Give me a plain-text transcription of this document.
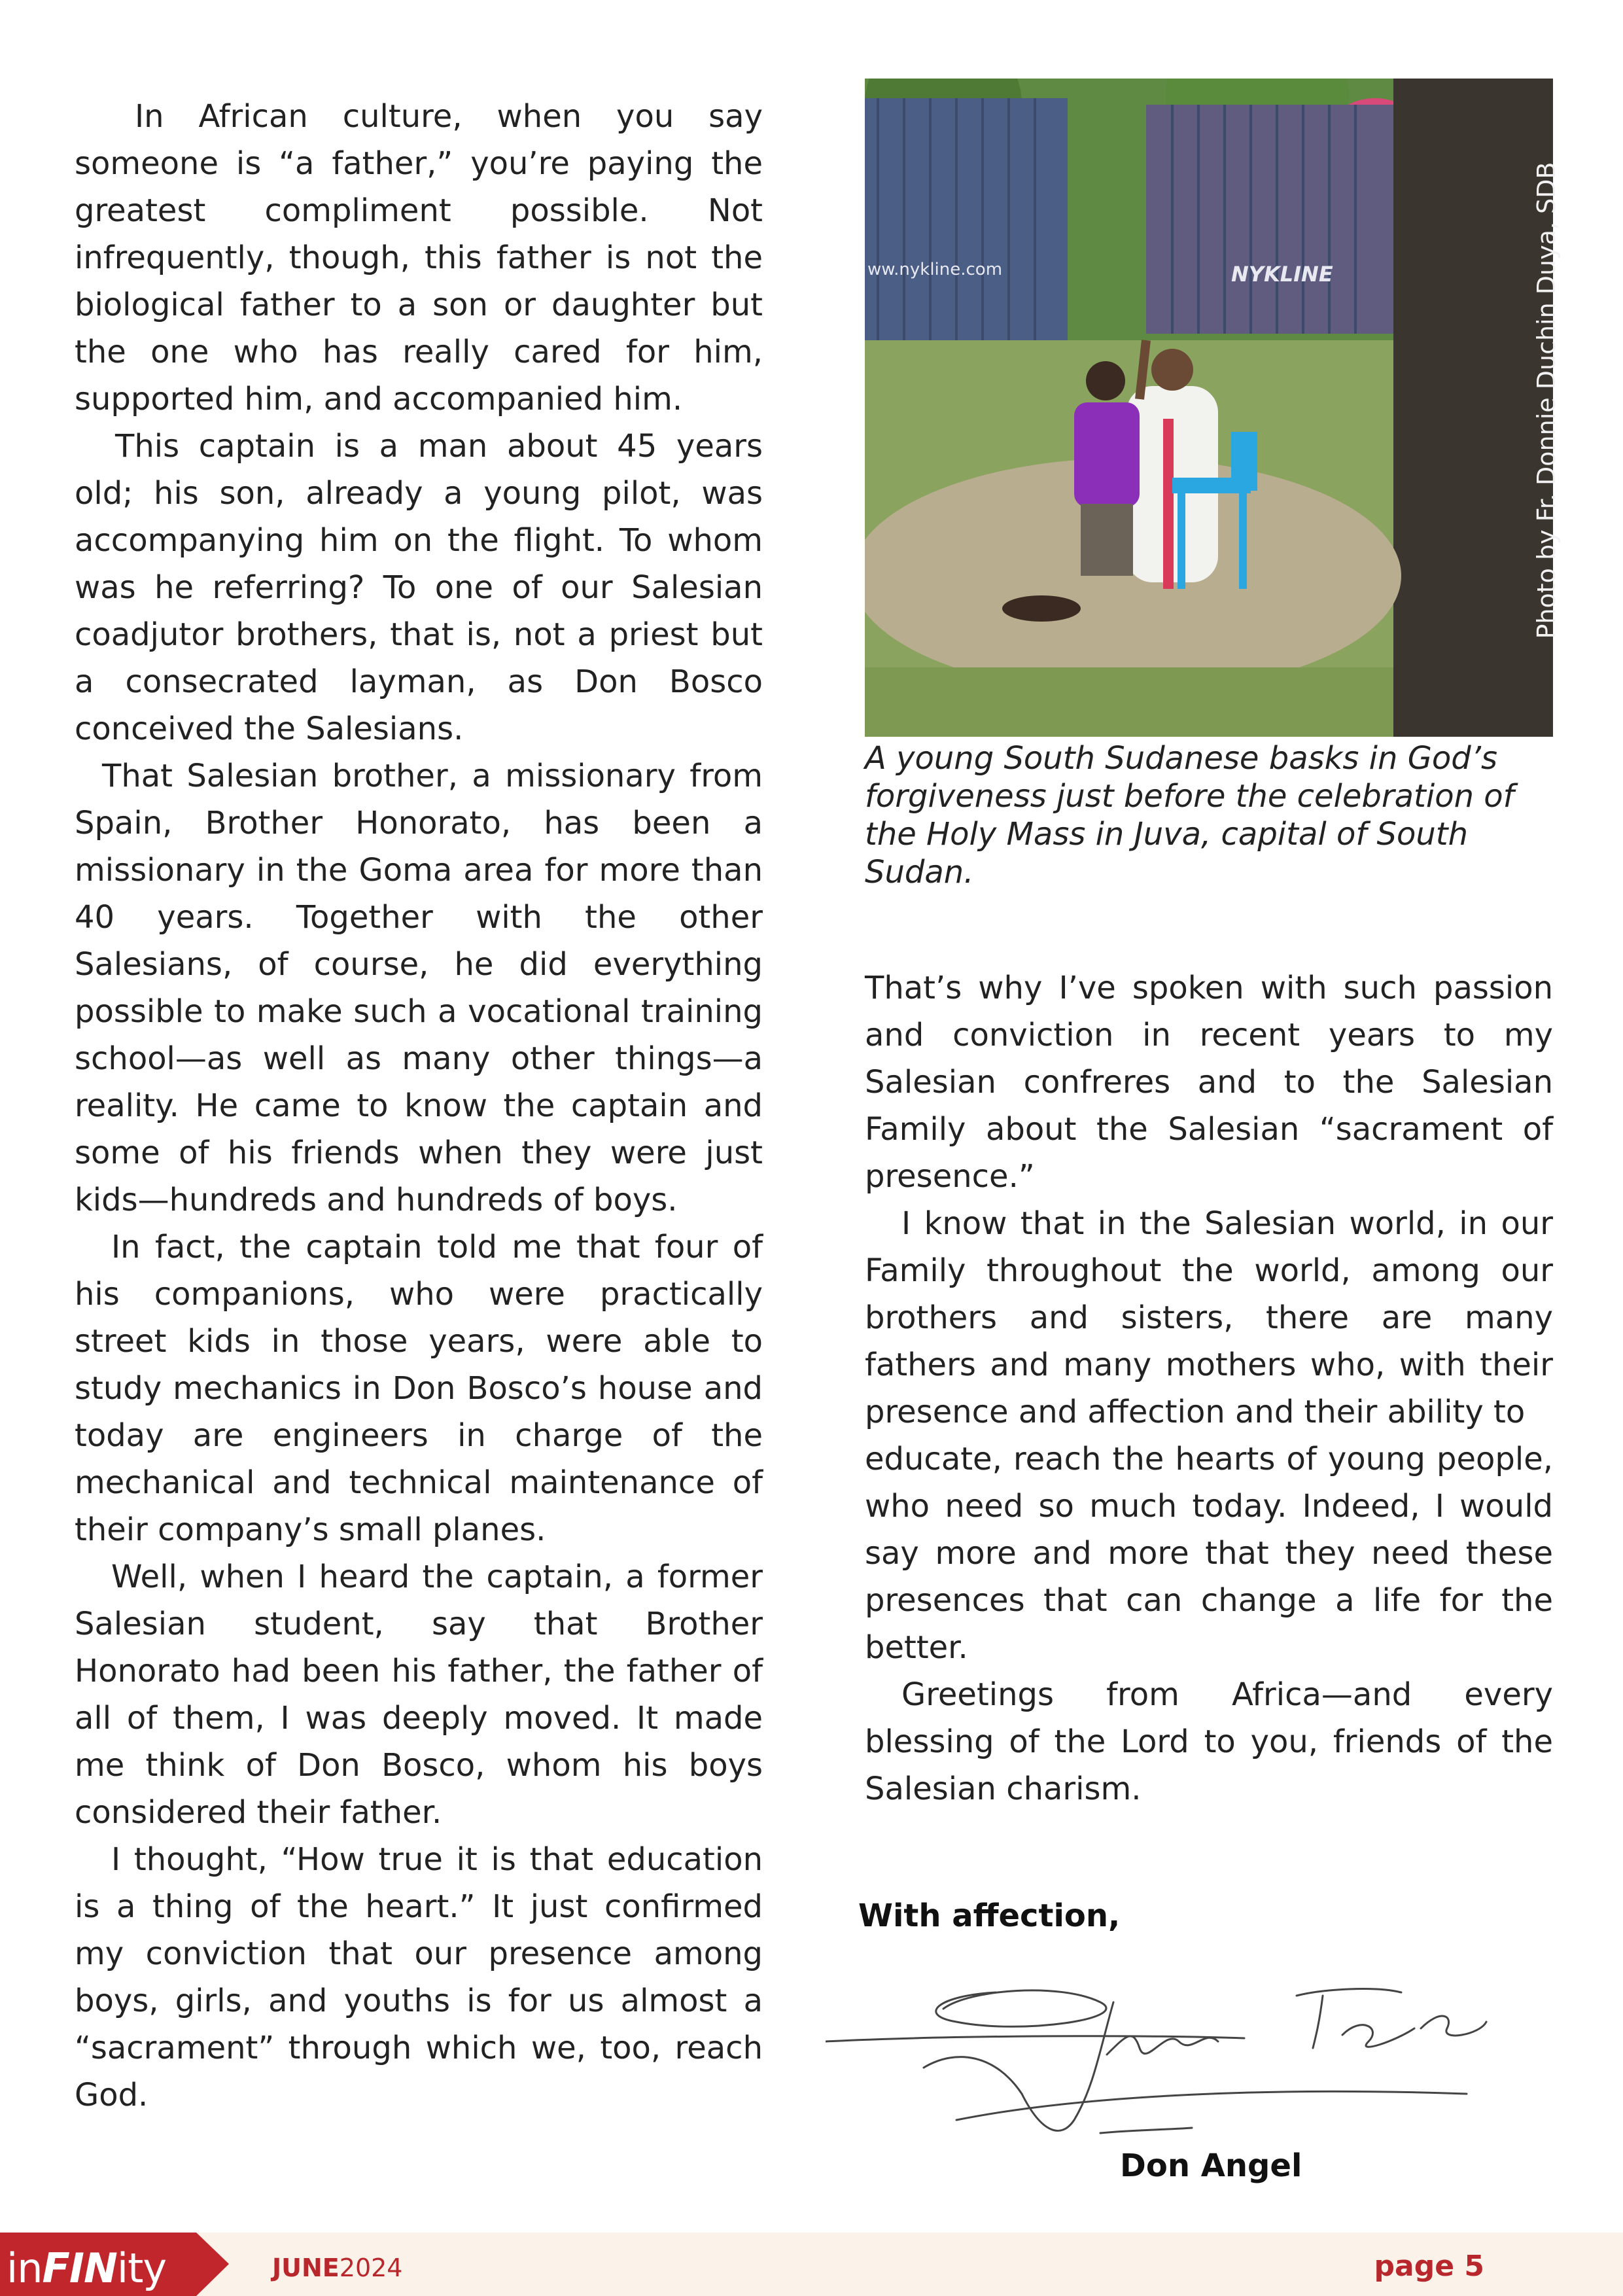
In African culture, when you say someone is “a father,” you’re paying the greatest compliment possible. Not infrequently, though, this father is not the biological father to a son or daughter but the one who has really cared for him, supported him, and accompanied him.

This captain is a man about 45 years old; his son, already a young pilot, was accompanying him on the flight. To whom was he referring? To one of our Salesian coadjutor brothers, that is, not a priest but a consecrated layman, as Don Bosco conceived the Salesians.

That Salesian brother, a missionary from Spain, Brother Honorato, has been a missionary in the Goma area for more than 40 years. Together with the other Salesians, of course, he did everything possible to make such a vocational training school—as well as many other things—a reality. He came to know the captain and some of his friends when they were just kids—hundreds and hundreds of boys.

In fact, the captain told me that four of his companions, who were practically street kids in those years, were able to study mechanics in Don Bosco’s house and today are engineers in charge of the mechanical and technical maintenance of their company’s small planes.

Well, when I heard the captain, a former Salesian student, say that Brother Honorato had been his father, the father of all of them, I was deeply moved. It made me think of Don Bosco, whom his boys considered their father.

I thought, “How true it is that education is a thing of the heart.” It just confirmed my conviction that our presence among boys, girls, and youths is for us almost a “sacrament” through which we, too, reach God.

ww.nykline.com	NYKLINE	Photo by Fr. Donnie Duchin Duya, SDB
A young South Sudanese basks in God’s forgiveness just before the celebration of the Holy Mass in Juva, capital of South Sudan.

That’s why I’ve spoken with such passion and conviction in recent years to my Salesian confreres and to the Salesian Family about the Salesian “sacrament of presence.”

I know that in the Salesian world, in our Family throughout the world, among our brothers and sisters, there are many fathers and many mothers who, with their presence and affection and their ability to

educate, reach the hearts of young people, who need so much today. Indeed, I would say more and more that they need these presences that can change a life for the better.

Greetings from Africa—and every blessing of the Lord to you, friends of the Salesian charism.

With affection,
Don Angel
inFINity	JUNE2024	page 5
